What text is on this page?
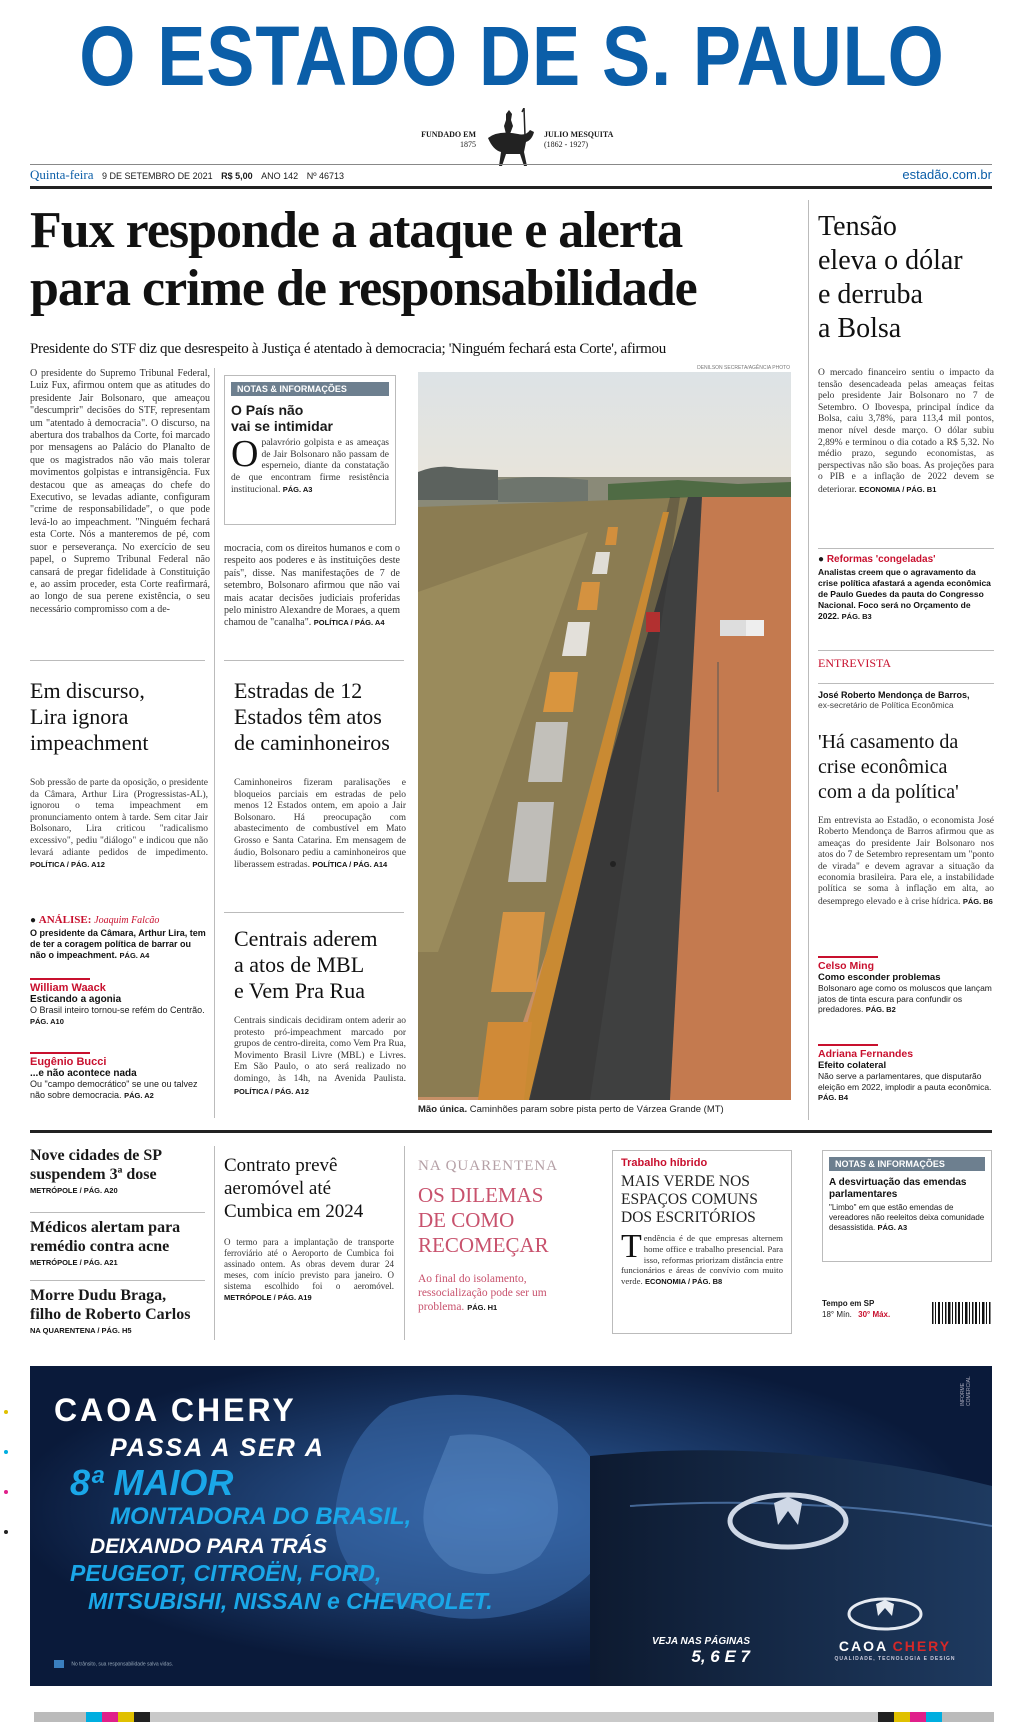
O ESTADO DE S. PAULO
FUNDADO EM
1875
JULIO MESQUITA
(1862 - 1927)
Quinta-feira 9 DE SETEMBRO DE 2021 R$ 5,00 ANO 142 Nº 46713	estadão.com.br
Fux responde a ataque e alerta
para crime de responsabilidade
Presidente do STF diz que desrespeito à Justiça é atentado à democracia; 'Ninguém fechará esta Corte', afirmou
O presidente do Supremo Tribunal Federal, Luiz Fux, afirmou ontem que as atitudes do presidente Jair Bolsonaro, que ameaçou "descumprir" decisões do STF, representam um "atentado à democracia". O discurso, na abertura dos trabalhos da Corte, foi marcado por mensagens ao Palácio do Planalto de que os magistrados não vão mais tolerar movimentos golpistas e intransigência. Fux destacou que as ameaças do chefe do Executivo, se levadas adiante, configuram "crime de responsabilidade", o que pode levá-lo ao impeachment. "Ninguém fechará esta Corte. Nós a manteremos de pé, com suor e perseverança. No exercício de seu papel, o Supremo Tribunal Federal não cansará de pregar fidelidade à Constituição e, ao assim proceder, esta Corte reafirmará, ao longo de sua perene existência, o seu necessário compromisso com a de-
NOTAS & INFORMAÇÕES
O País não
vai se intimidar
O palavrório golpista e as ameaças de Jair Bolsonaro não passam de esperneio, diante da constatação de que encontram firme resistência institucional. PÁG. A3
mocracia, com os direitos humanos e com o respeito aos poderes e às instituições deste país", disse. Nas manifestações de 7 de setembro, Bolsonaro afirmou que não vai mais acatar decisões judiciais proferidas pelo ministro Alexandre de Moraes, a quem chamou de "canalha". POLÍTICA / PÁG. A4
DENILSON SECRETA/AGÊNCIA PHOTO
Mão única. Caminhões param sobre pista perto de Várzea Grande (MT)
Em discurso,
Lira ignora
impeachment
Sob pressão de parte da oposição, o presidente da Câmara, Arthur Lira (Progressistas-AL), ignorou o tema impeachment em pronunciamento ontem à tarde. Sem citar Jair Bolsonaro, Lira criticou "radicalismo excessivo", pediu "diálogo" e indicou que não levará adiante pedidos de impedimento. POLÍTICA / PÁG. A12
● ANÁLISE: Joaquim Falcão
O presidente da Câmara, Arthur Lira, tem de ter a coragem política de barrar ou não o impeachment. PÁG. A4
William Waack
Esticando a agonia
O Brasil inteiro tornou-se refém do Centrão. PÁG. A10
Eugênio Bucci
...e não acontece nada
Ou "campo democrático" se une ou talvez não sobre democracia. PÁG. A2
Estradas de 12
Estados têm atos
de caminhoneiros
Caminhoneiros fizeram paralisações e bloqueios parciais em estradas de pelo menos 12 Estados ontem, em apoio a Jair Bolsonaro. Há preocupação com abastecimento de combustível em Mato Grosso e Santa Catarina. Em mensagem de áudio, Bolsonaro pediu a caminhoneiros que liberassem estradas. POLÍTICA / PÁG. A14
Centrais aderem
a atos de MBL
e Vem Pra Rua
Centrais sindicais decidiram ontem aderir ao protesto pró-impeachment marcado por grupos de centro-direita, como Vem Pra Rua, Movimento Brasil Livre (MBL) e Livres. Em São Paulo, o ato será realizado no domingo, às 14h, na Avenida Paulista. POLÍTICA / PÁG. A12
Tensão
eleva o dólar
e derruba
a Bolsa
O mercado financeiro sentiu o impacto da tensão desencadeada pelas ameaças feitas pelo presidente Jair Bolsonaro no 7 de Setembro. O Ibovespa, principal índice da Bolsa, caiu 3,78%, para 113,4 mil pontos, menor nível desde março. O dólar subiu 2,89% e terminou o dia cotado a R$ 5,32. No médio prazo, segundo economistas, as perspectivas não são boas. As projeções para o PIB e a inflação de 2022 devem se deteriorar. ECONOMIA / PÁG. B1
● Reformas 'congeladas'
Analistas creem que o agravamento da crise política afastará a agenda econômica de Paulo Guedes da pauta do Congresso Nacional. Foco será no Orçamento de 2022. PÁG. B3
ENTREVISTA
José Roberto Mendonça de Barros,
ex-secretário de Política Econômica
'Há casamento da
crise econômica
com a da política'
Em entrevista ao Estadão, o economista José Roberto Mendonça de Barros afirmou que as ameaças do presidente Jair Bolsonaro nos atos do 7 de Setembro representam um "ponto de virada" e devem agravar a situação da economia brasileira. Para ele, a instabilidade política se soma à inflação em alta, ao desemprego elevado e à crise hídrica. PÁG. B6
Celso Ming
Como esconder problemas
Bolsonaro age como os moluscos que lançam jatos de tinta escura para confundir os predadores. PÁG. B2
Adriana Fernandes
Efeito colateral
Não serve a parlamentares, que disputarão eleição em 2022, implodir a pauta econômica. PÁG. B4
Nove cidades de SP
suspendem 3ª dose
METRÓPOLE / PÁG. A20
Médicos alertam para
remédio contra acne
METRÓPOLE / PÁG. A21
Morre Dudu Braga,
filho de Roberto Carlos
NA QUARENTENA / PÁG. H5
Contrato prevê
aeromóvel até
Cumbica em 2024
O termo para a implantação de transporte ferroviário até o Aeroporto de Cumbica foi assinado ontem. As obras devem durar 24 meses, com início previsto para janeiro. O sistema escolhido foi o aeromóvel. METRÓPOLE / PÁG. A19
NA QUARENTENA
OS DILEMAS
DE COMO
RECOMEÇAR
Ao final do isolamento, ressocialização pode ser um problema. PÁG. H1
Trabalho híbrido
MAIS VERDE NOS
ESPAÇOS COMUNS
DOS ESCRITÓRIOS
T endência é de que empresas alternem home office e trabalho presencial. Para isso, reformas priorizam distância entre funcionários e áreas de convívio com muito verde. ECONOMIA / PÁG. B8
NOTAS & INFORMAÇÕES
A desvirtuação das emendas parlamentares
"Limbo" em que estão emendas de vereadores não reeleitos deixa comunidade desassistida. PÁG. A3
Tempo em SP
18° Mín. 30° Máx.
CAOA CHERY
PASSA A SER A
8ª MAIOR
MONTADORA DO BRASIL,
DEIXANDO PARA TRÁS
PEUGEOT, CITROËN, FORD,
MITSUBISHI, NISSAN e CHEVROLET.
VEJA NAS PÁGINAS
5, 6 E 7
CAOA CHERY
QUALIDADE, TECNOLOGIA E DESIGN
No trânsito, sua responsabilidade salva vidas.
INFORME COMERCIAL
